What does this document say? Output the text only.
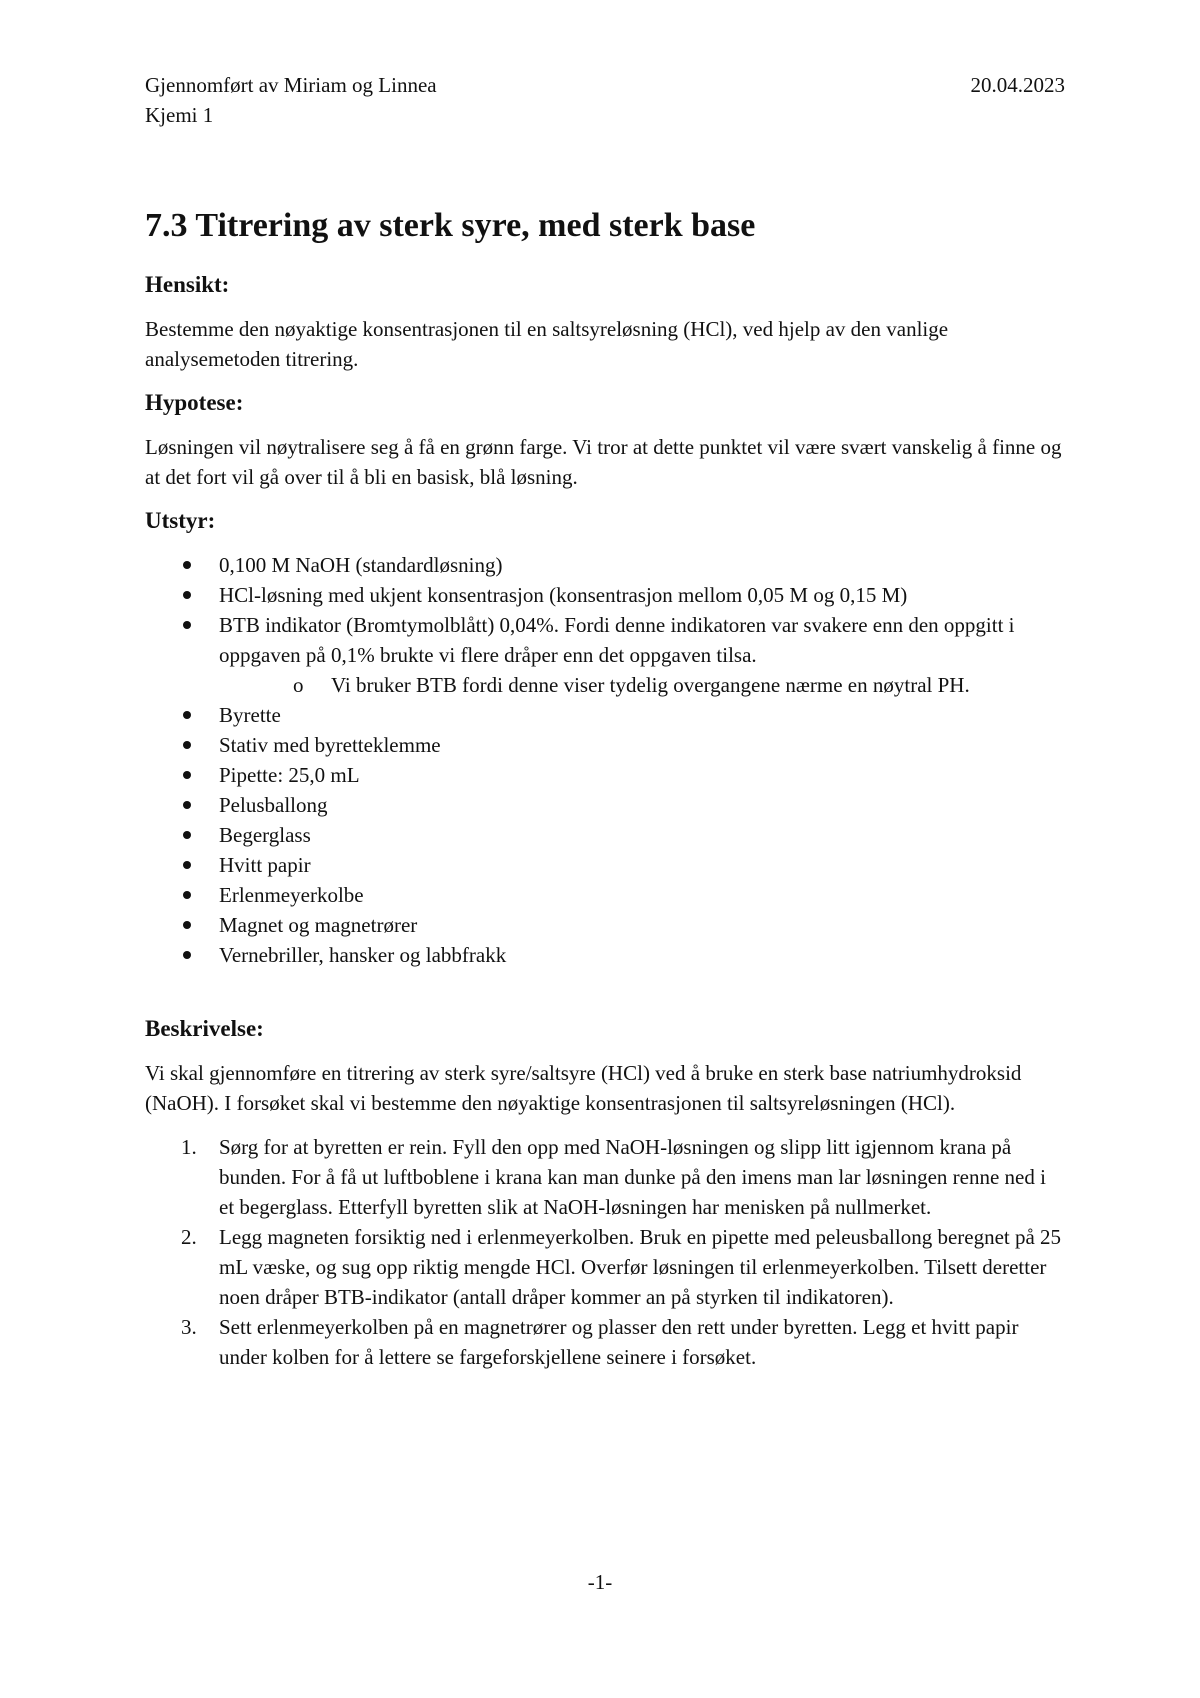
Gjennomført av Miriam og Linnea	20.04.2023
Kjemi 1
7.3 Titrering av sterk syre, med sterk base
Hensikt:

Bestemme den nøyaktige konsentrasjonen til en saltsyreløsning (HCl), ved hjelp av den vanlige analysemetoden titrering.

Hypotese:

Løsningen vil nøytralisere seg å få en grønn farge. Vi tror at dette punktet vil være svært vanskelig å finne og at det fort vil gå over til å bli en basisk, blå løsning.

Utstyr:
0,100 M NaOH (standardløsning)
HCl-løsning med ukjent konsentrasjon (konsentrasjon mellom 0,05 M og 0,15 M)
BTB indikator (Bromtymolblått) 0,04%. Fordi denne indikatoren var svakere enn den oppgitt i oppgaven på 0,1% brukte vi flere dråper enn det oppgaven tilsa.
o Vi bruker BTB fordi denne viser tydelig overgangene nærme en nøytral PH.
Byrette
Stativ med byretteklemme
Pipette: 25,0 mL
Pelusballong
Begerglass
Hvitt papir
Erlenmeyerkolbe
Magnet og magnetrører
Vernebriller, hansker og labbfrakk
Beskrivelse:

Vi skal gjennomføre en titrering av sterk syre/saltsyre (HCl) ved å bruke en sterk base natriumhydroksid (NaOH). I forsøket skal vi bestemme den nøyaktige konsentrasjonen til saltsyreløsningen (HCl).

1. Sørg for at byretten er rein. Fyll den opp med NaOH-løsningen og slipp litt igjennom krana på bunden. For å få ut luftboblene i krana kan man dunke på den imens man lar løsningen renne ned i et begerglass. Etterfyll byretten slik at NaOH-løsningen har menisken på nullmerket.
2. Legg magneten forsiktig ned i erlenmeyerkolben. Bruk en pipette med peleusballong beregnet på 25 mL væske, og sug opp riktig mengde HCl. Overfør løsningen til erlenmeyerkolben. Tilsett deretter noen dråper BTB-indikator (antall dråper kommer an på styrken til indikatoren).
3. Sett erlenmeyerkolben på en magnetrører og plasser den rett under byretten. Legg et hvitt papir under kolben for å lettere se fargeforskjellene seinere i forsøket.
-1-
